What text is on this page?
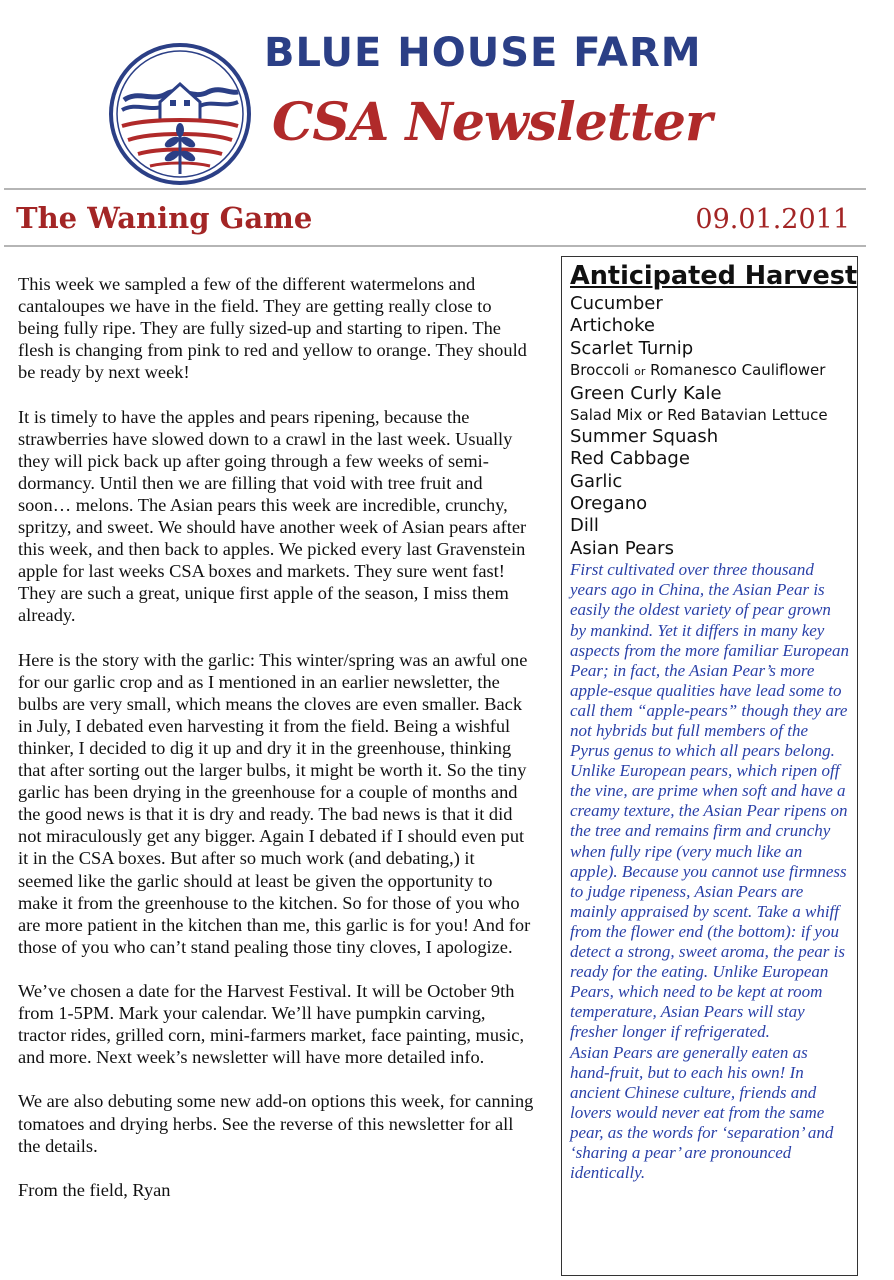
BLUE HOUSE FARM
CSA Newsletter
The Waning Game	09.01.2011

This week we sampled a few of the different watermelons and cantaloupes we have in the field. They are getting really close to being fully ripe. They are fully sized-up and starting to ripen. The flesh is changing from pink to red and yellow to orange. They should be ready by next week!

It is timely to have the apples and pears ripening, because the strawberries have slowed down to a crawl in the last week. Usually they will pick back up after going through a few weeks of semi-dormancy. Until then we are filling that void with tree fruit and soon… melons. The Asian pears this week are incredible, crunchy, spritzy, and sweet. We should have another week of Asian pears after this week, and then back to apples. We picked every last Gravenstein apple for last weeks CSA boxes and markets. They sure went fast! They are such a great, unique first apple of the season, I miss them already.

Here is the story with the garlic: This winter/spring was an awful one for our garlic crop and as I mentioned in an earlier newsletter, the bulbs are very small, which means the cloves are even smaller. Back in July, I debated even harvesting it from the field. Being a wishful thinker, I decided to dig it up and dry it in the greenhouse, thinking that after sorting out the larger bulbs, it might be worth it. So the tiny garlic has been drying in the greenhouse for a couple of months and the good news is that it is dry and ready. The bad news is that it did not miraculously get any bigger. Again I debated if I should even put it in the CSA boxes. But after so much work (and debating,) it seemed like the garlic should at least be given the opportunity to make it from the greenhouse to the kitchen. So for those of you who are more patient in the kitchen than me, this garlic is for you! And for those of you who can’t stand pealing those tiny cloves, I apologize.

We’ve chosen a date for the Harvest Festival. It will be October 9th from 1-5PM. Mark your calendar. We’ll have pumpkin carving, tractor rides, grilled corn, mini-farmers market, face painting, music, and more. Next week’s newsletter will have more detailed info.

We are also debuting some new add-on options this week, for canning tomatoes and drying herbs. See the reverse of this newsletter for all the details.

From the field, Ryan

Anticipated Harvest
Cucumber
Artichoke
Scarlet Turnip
Broccoli or Romanesco Cauliflower
Green Curly Kale
Salad Mix or Red Batavian Lettuce
Summer Squash
Red Cabbage
Garlic
Oregano
Dill
Asian Pears

First cultivated over three thousand years ago in China, the Asian Pear is easily the oldest variety of pear grown by mankind. Yet it differs in many key aspects from the more familiar European Pear; in fact, the Asian Pear’s more apple-esque qualities have lead some to call them “apple-pears” though they are not hybrids but full members of the Pyrus genus to which all pears belong.

Unlike European pears, which ripen off the vine, are prime when soft and have a creamy texture, the Asian Pear ripens on the tree and remains firm and crunchy when fully ripe (very much like an apple). Because you cannot use firmness to judge ripeness, Asian Pears are mainly appraised by scent. Take a whiff from the flower end (the bottom): if you detect a strong, sweet aroma, the pear is ready for the eating. Unlike European Pears, which need to be kept at room temperature, Asian Pears will stay fresher longer if refrigerated.

Asian Pears are generally eaten as hand-fruit, but to each his own! In ancient Chinese culture, friends and lovers would never eat from the same pear, as the words for ‘separation’ and ‘sharing a pear’ are pronounced identically.
